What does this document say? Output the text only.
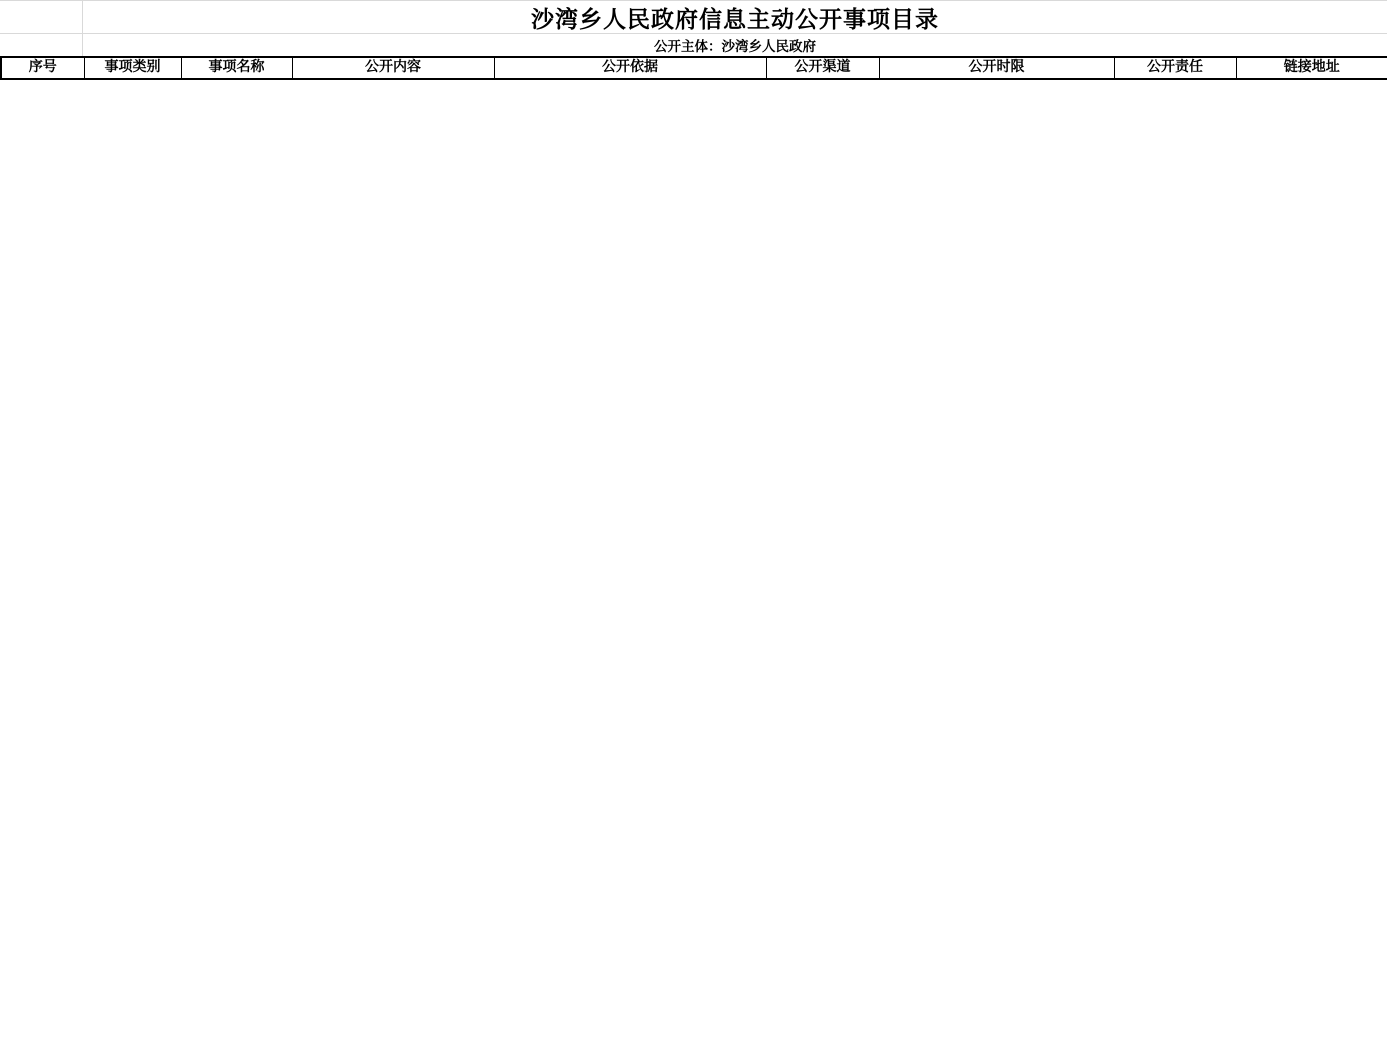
沙湾乡人民政府信息主动公开事项目录
公开主体：沙湾乡人民政府
序号	事项类别	事项名称	公开内容	公开依据	公开渠道	公开时限	公开责任	链接地址
